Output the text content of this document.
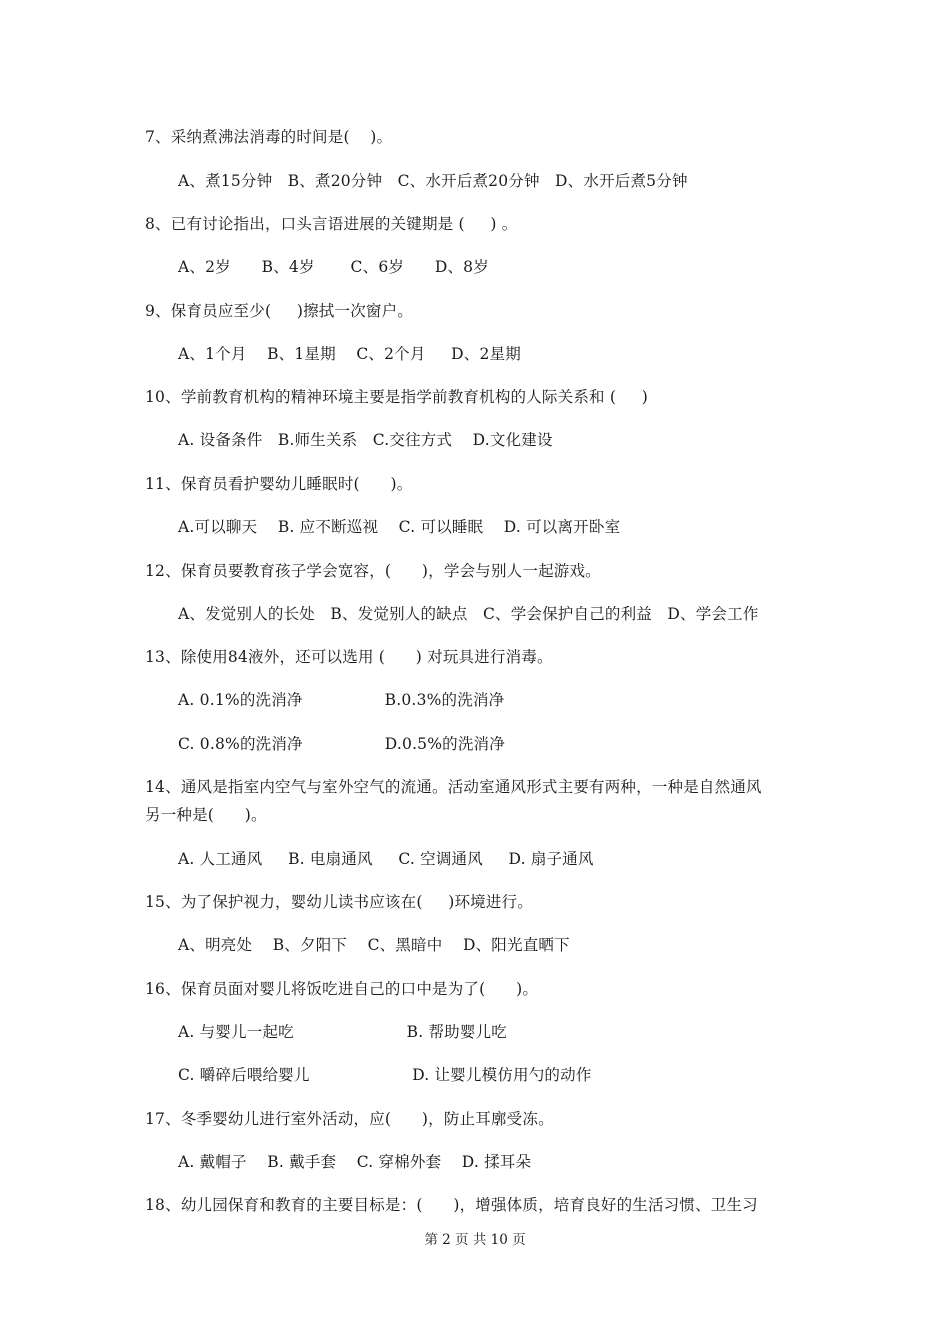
7、采纳煮沸法消毒的时间是(    )。
A、煮15分钟   B、煮20分钟   C、水开后煮20分钟   D、水开后煮5分钟
8、已有讨论指出，口头言语进展的关键期是 (     ) 。
A、2岁      B、4岁       C、6岁      D、8岁
9、保育员应至少(     )擦拭一次窗户。
A、1个月    B、1星期    C、2个月     D、2星期
10、学前教育机构的精神环境主要是指学前教育机构的人际关系和 (     )
A. 设备条件   B.师生关系   C.交往方式    D.文化建设
11、保育员看护婴幼儿睡眠时(      )。
A.可以聊天    B. 应不断巡视    C. 可以睡眠    D. 可以离开卧室
12、保育员要教育孩子学会宽容，(      )，学会与别人一起游戏。
A、发觉别人的长处   B、发觉别人的缺点   C、学会保护自己的利益   D、学会工作
13、除使用84液外，还可以选用 (      ) 对玩具进行消毒。
A. 0.1%的洗消净                B.0.3%的洗消净
C. 0.8%的洗消净                D.0.5%的洗消净
14、通风是指室内空气与室外空气的流通。活动室通风形式主要有两种，一种是自然通风
另一种是(      )。
A. 人工通风     B. 电扇通风     C. 空调通风     D. 扇子通风
15、为了保护视力，婴幼儿读书应该在(     )环境进行。
A、明亮处    B、夕阳下    C、黑暗中    D、阳光直晒下
16、保育员面对婴儿将饭吃进自己的口中是为了(      )。
A. 与婴儿一起吃                      B. 帮助婴儿吃
C. 嚼碎后喂给婴儿                    D. 让婴儿模仿用勺的动作
17、冬季婴幼儿进行室外活动，应(      )，防止耳廓受冻。
A. 戴帽子    B. 戴手套    C. 穿棉外套    D. 揉耳朵
18、幼儿园保育和教育的主要目标是：(      )，增强体质，培育良好的生活习惯、卫生习
第 2 页 共 10 页
